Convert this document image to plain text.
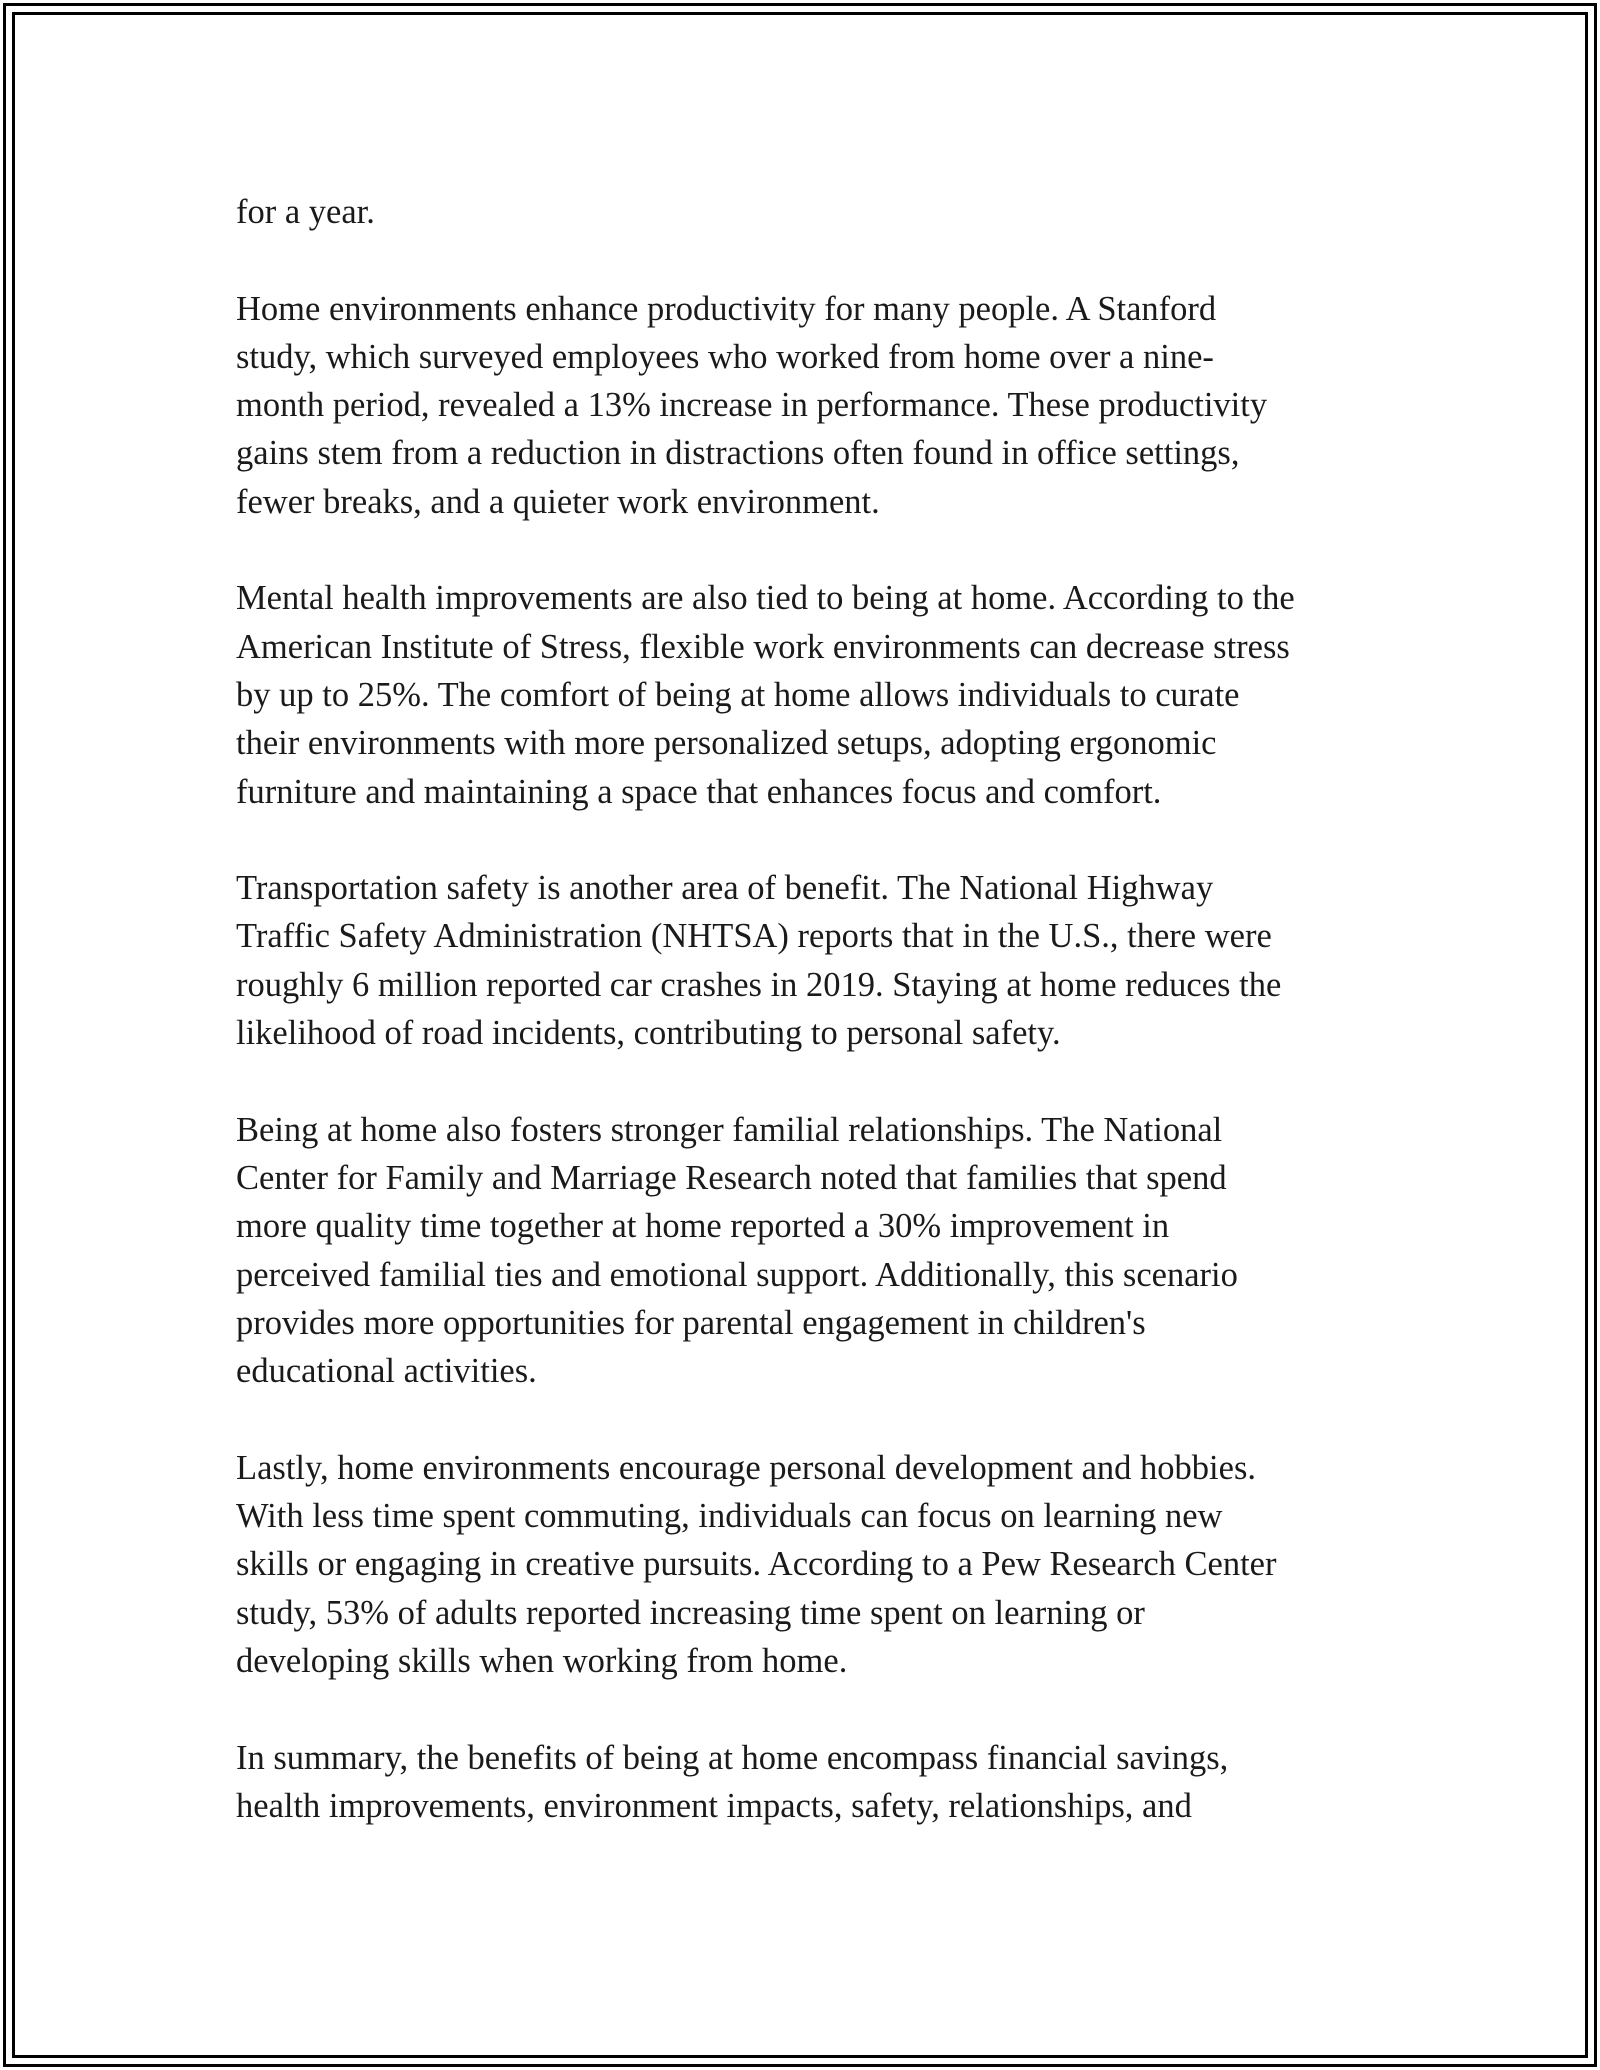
for a year.

Home environments enhance productivity for many people. A Stanford
study, which surveyed employees who worked from home over a nine-
month period, revealed a 13% increase in performance. These productivity
gains stem from a reduction in distractions often found in office settings,
fewer breaks, and a quieter work environment.

Mental health improvements are also tied to being at home. According to the
American Institute of Stress, flexible work environments can decrease stress
by up to 25%. The comfort of being at home allows individuals to curate
their environments with more personalized setups, adopting ergonomic
furniture and maintaining a space that enhances focus and comfort.

Transportation safety is another area of benefit. The National Highway
Traffic Safety Administration (NHTSA) reports that in the U.S., there were
roughly 6 million reported car crashes in 2019. Staying at home reduces the
likelihood of road incidents, contributing to personal safety.

Being at home also fosters stronger familial relationships. The National
Center for Family and Marriage Research noted that families that spend
more quality time together at home reported a 30% improvement in
perceived familial ties and emotional support. Additionally, this scenario
provides more opportunities for parental engagement in children's
educational activities.

Lastly, home environments encourage personal development and hobbies.
With less time spent commuting, individuals can focus on learning new
skills or engaging in creative pursuits. According to a Pew Research Center
study, 53% of adults reported increasing time spent on learning or
developing skills when working from home.

In summary, the benefits of being at home encompass financial savings,
health improvements, environment impacts, safety, relationships, and
